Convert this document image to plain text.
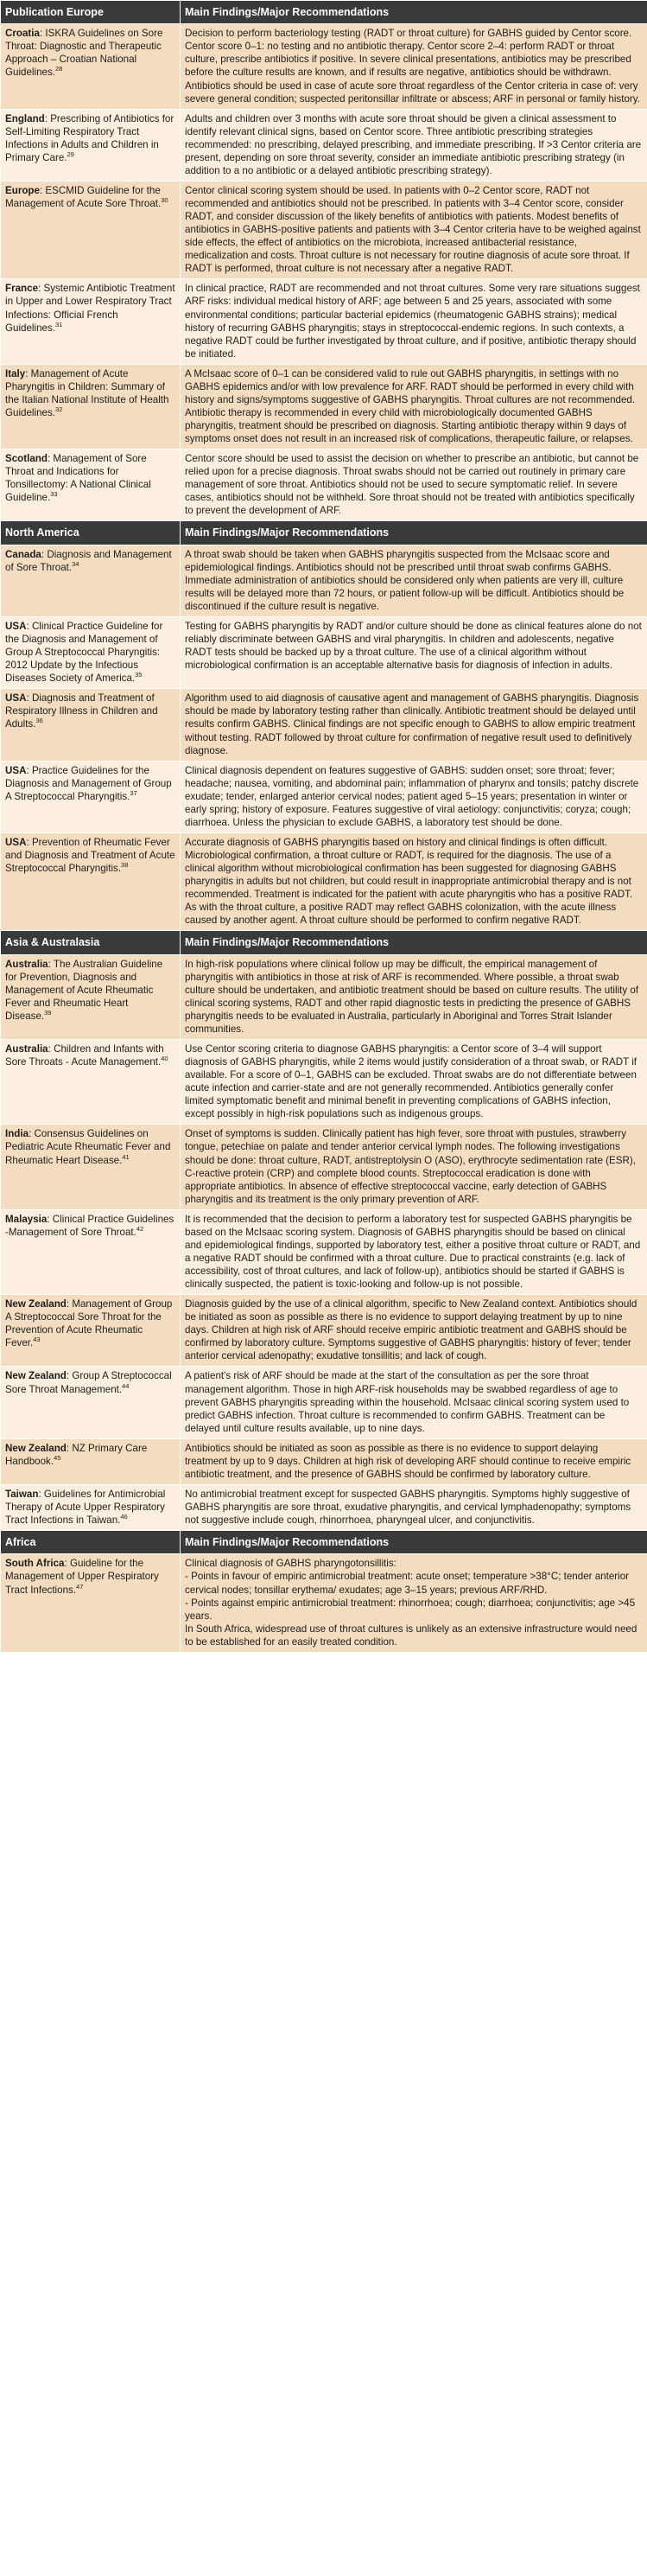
Publication Europe	Main Findings/Major Recommendations
Croatia: ISKRA Guidelines on Sore Throat: Diagnostic and Therapeutic Approach – Croatian National Guidelines.$^{28}$	Decision to perform bacteriology testing (RADT or throat culture) for GABHS guided by Centor score. Centor score 0–1: no testing and no antibiotic therapy. Centor score 2–4: perform RADT or throat culture, prescribe antibiotics if positive. In severe clinical presentations, antibiotics may be prescribed before the culture results are known, and if results are negative, antibiotics should be withdrawn. Antibiotics should be used in case of acute sore throat regardless of the Centor criteria in case of: very severe general condition; suspected peritonsillar infiltrate or abscess; ARF in personal or family history.

England: Prescribing of Antibiotics for Self-Limiting Respiratory Tract Infections in Adults and Children in Primary Care.$^{29}$	Adults and children over 3 months with acute sore throat should be given a clinical assessment to identify relevant clinical signs, based on Centor score. Three antibiotic prescribing strategies recommended: no prescribing, delayed prescribing, and immediate prescribing. If >3 Centor criteria are present, depending on sore throat severity, consider an immediate antibiotic prescribing strategy (in addition to a no antibiotic or a delayed antibiotic prescribing strategy).

Europe: ESCMID Guideline for the Management of Acute Sore Throat.$^{30}$	Centor clinical scoring system should be used. In patients with 0–2 Centor score, RADT not recommended and antibiotics should not be prescribed. In patients with 3–4 Centor score, consider RADT, and consider discussion of the likely benefits of antibiotics with patients. Modest benefits of antibiotics in GABHS-positive patients and patients with 3–4 Centor criteria have to be weighed against side effects, the effect of antibiotics on the microbiota, increased antibacterial resistance, medicalization and costs. Throat culture is not necessary for routine diagnosis of acute sore throat. If RADT is performed, throat culture is not necessary after a negative RADT.

France: Systemic Antibiotic Treatment in Upper and Lower Respiratory Tract Infections: Official French Guidelines.$^{31}$	In clinical practice, RADT are recommended and not throat cultures. Some very rare situations suggest ARF risks: individual medical history of ARF; age between 5 and 25 years, associated with some environmental conditions; particular bacterial epidemics (rheumatogenic GABHS strains); medical history of recurring GABHS pharyngitis; stays in streptococcal-endemic regions. In such contexts, a negative RADT could be further investigated by throat culture, and if positive, antibiotic therapy should be initiated.

Italy: Management of Acute Pharyngitis in Children: Summary of the Italian National Institute of Health Guidelines.$^{32}$	A McIsaac score of 0–1 can be considered valid to rule out GABHS pharyngitis, in settings with no GABHS epidemics and/or with low prevalence for ARF. RADT should be performed in every child with history and signs/symptoms suggestive of GABHS pharyngitis. Throat cultures are not recommended. Antibiotic therapy is recommended in every child with microbiologically documented GABHS pharyngitis, treatment should be prescribed on diagnosis. Starting antibiotic therapy within 9 days of symptoms onset does not result in an increased risk of complications, therapeutic failure, or relapses.

Scotland: Management of Sore Throat and Indications for Tonsillectomy: A National Clinical Guideline.$^{33}$	Centor score should be used to assist the decision on whether to prescribe an antibiotic, but cannot be relied upon for a precise diagnosis. Throat swabs should not be carried out routinely in primary care management of sore throat. Antibiotics should not be used to secure symptomatic relief. In severe cases, antibiotics should not be withheld. Sore throat should not be treated with antibiotics specifically to prevent the development of ARF.

North America	Main Findings/Major Recommendations
Canada: Diagnosis and Management of Sore Throat.$^{34}$	A throat swab should be taken when GABHS pharyngitis suspected from the McIsaac score and epidemiological findings. Antibiotics should not be prescribed until throat swab confirms GABHS. Immediate administration of antibiotics should be considered only when patients are very ill, culture results will be delayed more than 72 hours, or patient follow-up will be difficult. Antibiotics should be discontinued if the culture result is negative.

USA: Clinical Practice Guideline for the Diagnosis and Management of Group A Streptococcal Pharyngitis: 2012 Update by the Infectious Diseases Society of America.$^{35}$	Testing for GABHS pharyngitis by RADT and/or culture should be done as clinical features alone do not reliably discriminate between GABHS and viral pharyngitis. In children and adolescents, negative RADT tests should be backed up by a throat culture. The use of a clinical algorithm without microbiological confirmation is an acceptable alternative basis for diagnosis of infection in adults.

USA: Diagnosis and Treatment of Respiratory Illness in Children and Adults.$^{36}$	Algorithm used to aid diagnosis of causative agent and management of GABHS pharyngitis. Diagnosis should be made by laboratory testing rather than clinically. Antibiotic treatment should be delayed until results confirm GABHS. Clinical findings are not specific enough to GABHS to allow empiric treatment without testing. RADT followed by throat culture for confirmation of negative result used to definitively diagnose.

USA: Practice Guidelines for the Diagnosis and Management of Group A Streptococcal Pharyngitis.$^{37}$	Clinical diagnosis dependent on features suggestive of GABHS: sudden onset; sore throat; fever; headache; nausea, vomiting, and abdominal pain; inflammation of pharynx and tonsils; patchy discrete exudate; tender, enlarged anterior cervical nodes; patient aged 5–15 years; presentation in winter or early spring; history of exposure. Features suggestive of viral aetiology: conjunctivitis; coryza; cough; diarrhoea. Unless the physician to exclude GABHS, a laboratory test should be done.

USA: Prevention of Rheumatic Fever and Diagnosis and Treatment of Acute Streptococcal Pharyngitis.$^{38}$	Accurate diagnosis of GABHS pharyngitis based on history and clinical findings is often difficult. Microbiological confirmation, a throat culture or RADT, is required for the diagnosis. The use of a clinical algorithm without microbiological confirmation has been suggested for diagnosing GABHS pharyngitis in adults but not children, but could result in inappropriate antimicrobial therapy and is not recommended. Treatment is indicated for the patient with acute pharyngitis who has a positive RADT. As with the throat culture, a positive RADT may reflect GABHS colonization, with the acute illness caused by another agent. A throat culture should be performed to confirm negative RADT.

Asia & Australasia	Main Findings/Major Recommendations
Australia: The Australian Guideline for Prevention, Diagnosis and Management of Acute Rheumatic Fever and Rheumatic Heart Disease.$^{39}$	In high-risk populations where clinical follow up may be difficult, the empirical management of pharyngitis with antibiotics in those at risk of ARF is recommended. Where possible, a throat swab culture should be undertaken, and antibiotic treatment should be based on culture results. The utility of clinical scoring systems, RADT and other rapid diagnostic tests in predicting the presence of GABHS pharyngitis needs to be evaluated in Australia, particularly in Aboriginal and Torres Strait Islander communities.

Australia: Children and Infants with Sore Throats - Acute Management.$^{40}$	Use Centor scoring criteria to diagnose GABHS pharyngitis: a Centor score of 3–4 will support diagnosis of GABHS pharyngitis, while 2 items would justify consideration of a throat swab, or RADT if available. For a score of 0–1, GABHS can be excluded. Throat swabs are do not differentiate between acute infection and carrier-state and are not generally recommended. Antibiotics generally confer limited symptomatic benefit and minimal benefit in preventing complications of GABHS infection, except possibly in high-risk populations such as indigenous groups.

India: Consensus Guidelines on Pediatric Acute Rheumatic Fever and Rheumatic Heart Disease.$^{41}$	Onset of symptoms is sudden. Clinically patient has high fever, sore throat with pustules, strawberry tongue, petechiae on palate and tender anterior cervical lymph nodes. The following investigations should be done: throat culture, RADT, antistreptolysin O (ASO), erythrocyte sedimentation rate (ESR), C-reactive protein (CRP) and complete blood counts. Streptococcal eradication is done with appropriate antibiotics. In absence of effective streptococcal vaccine, early detection of GABHS pharyngitis and its treatment is the only primary prevention of ARF.

Malaysia: Clinical Practice Guidelines -Management of Sore Throat.$^{42}$	It is recommended that the decision to perform a laboratory test for suspected GABHS pharyngitis be based on the McIsaac scoring system. Diagnosis of GABHS pharyngitis should be based on clinical and epidemiological findings, supported by laboratory test, either a positive throat culture or RADT, and a negative RADT should be confirmed with a throat culture. Due to practical constraints (e.g. lack of accessibility, cost of throat cultures, and lack of follow-up), antibiotics should be started if GABHS is clinically suspected, the patient is toxic-looking and follow-up is not possible.

New Zealand: Management of Group A Streptococcal Sore Throat for the Prevention of Acute Rheumatic Fever.$^{43}$	Diagnosis guided by the use of a clinical algorithm, specific to New Zealand context. Antibiotics should be initiated as soon as possible as there is no evidence to support delaying treatment by up to nine days. Children at high risk of ARF should receive empiric antibiotic treatment and GABHS should be confirmed by laboratory culture. Symptoms suggestive of GABHS pharyngitis: history of fever; tender anterior cervical adenopathy; exudative tonsillitis; and lack of cough.

New Zealand: Group A Streptococcal Sore Throat Management.$^{44}$	A patient's risk of ARF should be made at the start of the consultation as per the sore throat management algorithm. Those in high ARF-risk households may be swabbed regardless of age to prevent GABHS pharyngitis spreading within the household. McIsaac clinical scoring system used to predict GABHS infection. Throat culture is recommended to confirm GABHS. Treatment can be delayed until culture results available, up to nine days.

New Zealand: NZ Primary Care Handbook.$^{45}$	Antibiotics should be initiated as soon as possible as there is no evidence to support delaying treatment by up to 9 days. Children at high risk of developing ARF should continue to receive empiric antibiotic treatment, and the presence of GABHS should be confirmed by laboratory culture.

Taiwan: Guidelines for Antimicrobial Therapy of Acute Upper Respiratory Tract Infections in Taiwan.$^{46}$	No antimicrobial treatment except for suspected GABHS pharyngitis. Symptoms highly suggestive of GABHS pharyngitis are sore throat, exudative pharyngitis, and cervical lymphadenopathy; symptoms not suggestive include cough, rhinorrhoea, pharyngeal ulcer, and conjunctivitis.

Africa	Main Findings/Major Recommendations
South Africa: Guideline for the Management of Upper Respiratory Tract Infections.$^{47}$	Clinical diagnosis of GABHS pharyngotonsillitis:
- Points in favour of empiric antimicrobial treatment: acute onset; temperature >38°C; tender anterior cervical nodes; tonsillar erythema/ exudates; age 3–15 years; previous ARF/RHD.
- Points against empiric antimicrobial treatment: rhinorrhoea; cough; diarrhoea; conjunctivitis; age >45 years.
In South Africa, widespread use of throat cultures is unlikely as an extensive infrastructure would need to be established for an easily treated condition.
